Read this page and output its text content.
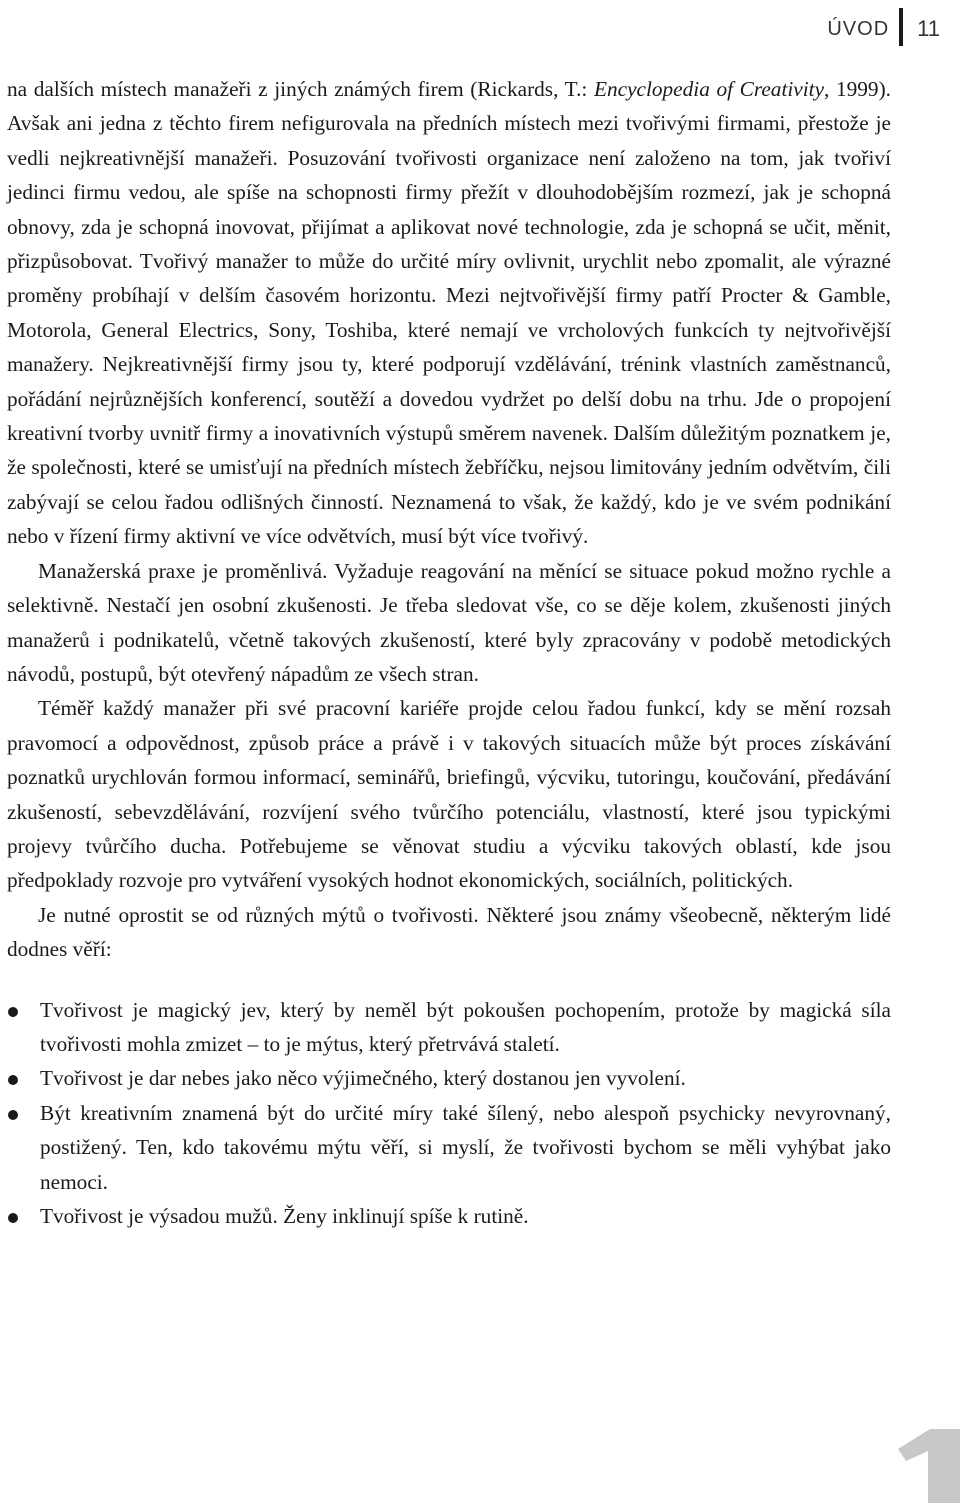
ÚVOD 11

na dalších místech manažeři z jiných známých firem (Rickards, T.: Encyclopedia of Creativity, 1999). Avšak ani jedna z těchto firem nefigurovala na předních místech mezi tvořivými firmami, přestože je vedli nejkreativnější manažeři. Posuzování tvořivosti organizace není založeno na tom, jak tvořiví jedinci firmu vedou, ale spíše na schopnosti firmy přežít v dlouhodobějším rozmezí, jak je schopná obnovy, zda je schopná inovovat, přijímat a aplikovat nové technologie, zda je schopná se učit, měnit, přizpůsobovat. Tvořivý manažer to může do určité míry ovlivnit, urychlit nebo zpomalit, ale výrazné proměny probíhají v delším časovém horizontu. Mezi nejtvořivější firmy patří Procter & Gamble, Motorola, General Electrics, Sony, Toshiba, které nemají ve vrcholových funkcích ty nejtvořivější manažery. Nejkreativnější firmy jsou ty, které podporují vzdělávání, trénink vlastních zaměstnanců, pořádání nejrůznějších konferencí, soutěží a dovedou vydržet po delší dobu na trhu. Jde o propojení kreativní tvorby uvnitř firmy a inovativních výstupů směrem navenek. Dalším důležitým poznatkem je, že společnosti, které se umisťují na předních místech žebříčku, nejsou limitovány jedním odvětvím, čili zabývají se celou řadou odlišných činností. Neznamená to však, že každý, kdo je ve svém podnikání nebo v řízení firmy aktivní ve více odvětvích, musí být více tvořivý.

Manažerská praxe je proměnlivá. Vyžaduje reagování na měnící se situace pokud možno rychle a selektivně. Nestačí jen osobní zkušenosti. Je třeba sledovat vše, co se děje kolem, zkušenosti jiných manažerů i podnikatelů, včetně takových zkušeností, které byly zpracovány v podobě metodických návodů, postupů, být otevřený nápadům ze všech stran.

Téměř každý manažer při své pracovní kariéře projde celou řadou funkcí, kdy se mění rozsah pravomocí a odpovědnost, způsob práce a právě i v takových situacích může být proces získávání poznatků urychlován formou informací, seminářů, briefingů, výcviku, tutoringu, koučování, předávání zkušeností, sebevzdělávání, rozvíjení svého tvůrčího potenciálu, vlastností, které jsou typickými projevy tvůrčího ducha. Potřebujeme se věnovat studiu a výcviku takových oblastí, kde jsou předpoklady rozvoje pro vytváření vysokých hodnot ekonomických, sociálních, politických.

Je nutné oprostit se od různých mýtů o tvořivosti. Některé jsou známy všeobecně, některým lidé dodnes věří:

Tvořivost je magický jev, který by neměl být pokoušen pochopením, protože by magická síla tvořivosti mohla zmizet – to je mýtus, který přetrvává staletí.
Tvořivost je dar nebes jako něco výjimečného, který dostanou jen vyvolení.
Být kreativním znamená být do určité míry také šílený, nebo alespoň psychicky nevyrovnaný, postižený. Ten, kdo takovému mýtu věří, si myslí, že tvořivosti bychom se měli vyhýbat jako nemoci.
Tvořivost je výsadou mužů. Ženy inklinují spíše k rutině.
